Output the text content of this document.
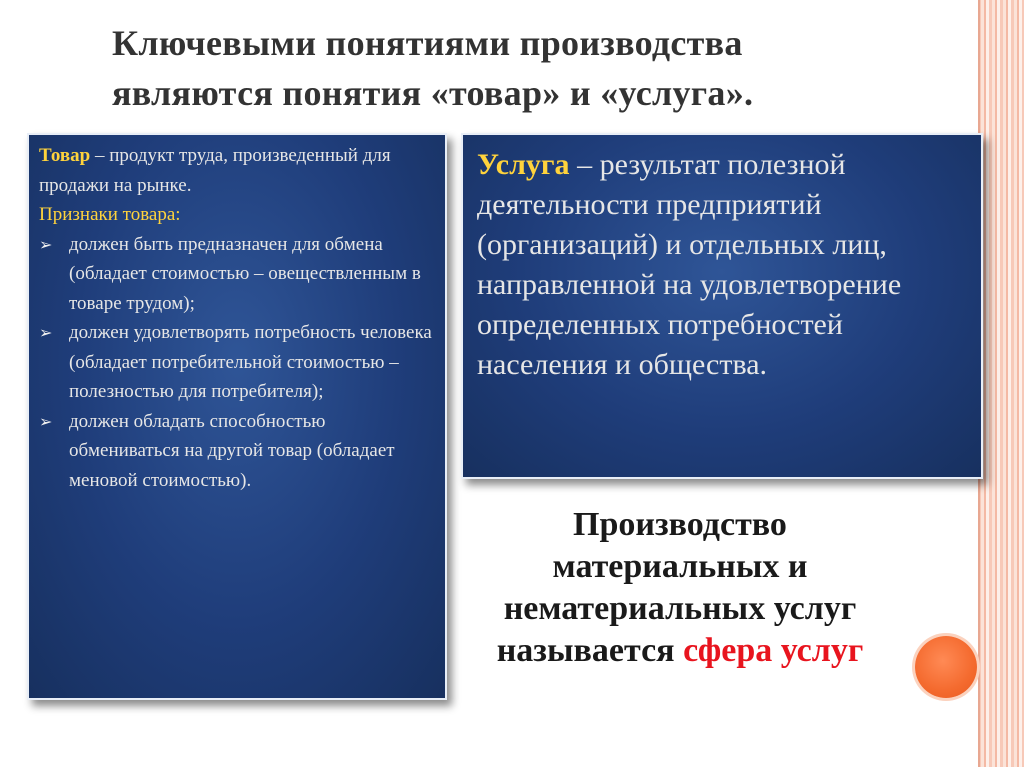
Ключевыми понятиями производства
являются понятия «товар» и «услуга».
Товар – продукт труда, произведенный для продажи на рынке.
Признаки товара:
➢ должен быть предназначен для обмена (обладает стоимостью – овеществленным в товаре трудом);
➢ должен удовлетворять потребность человека (обладает потребительной стоимостью – полезностью для потребителя);
➢ должен обладать способностью обмениваться на другой товар (обладает меновой стоимостью).
Услуга – результат полезной деятельности предприятий (организаций) и отдельных лиц, направленной на удовлетворение определенных потребностей населения и общества.
Производство материальных и нематериальных услуг называется сфера услуг
